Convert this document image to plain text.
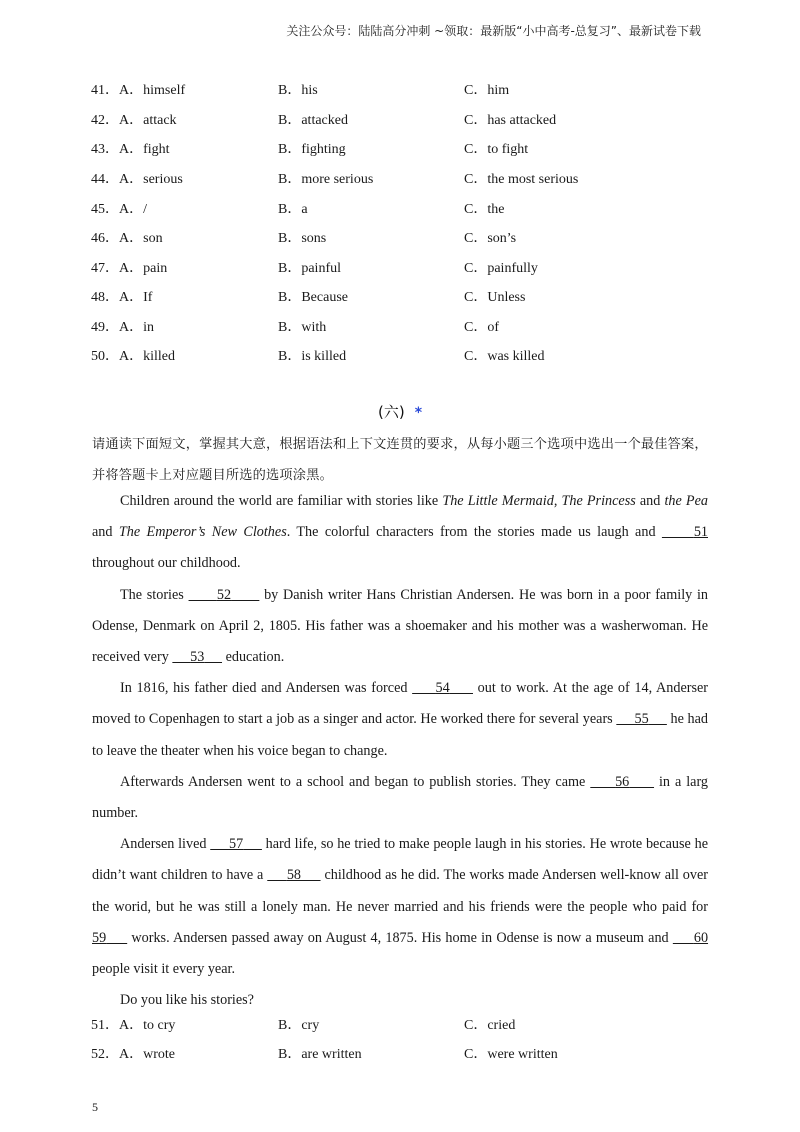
关注公众号：陆陆高分冲刺 ~领取：最新版“小中高考-总复习”、最新试卷下载
41．A．himself	B．his	C．him
42．A．attack	B．attacked	C．has attacked
43．A．fight	B．fighting	C．to fight
44．A．serious	B．more serious	C．the most serious
45．A．/	B．a	C．the
46．A．son	B．sons	C．son’s
47．A．pain	B．painful	C．painfully
48．A．If	B．Because	C．Unless
49．A．in	B．with	C．of
50．A．killed	B．is killed	C．was killed
(六) *
请通读下面短文，掌握其大意，根据语法和上下文连贯的要求，从每小题三个选项中选出一个最佳答案，并将答题卡上对应题目所选的选项涂黑。

Children around the world are familiar with stories like The Little Mermaid, The Princess and the Pea and The Emperor’s New Clothes. The colorful characters from the stories made us laugh and      51 throughout our childhood.

The stories       52       by Danish writer Hans Christian Andersen. He was born in a poor family in Odense, Denmark on April 2, 1805. His father was a shoemaker and his mother was a washerwoman. He received very      53      education.

In 1816, his father died and Andersen was forced      54      out to work. At the age of 14, Anderser moved to Copenhagen to start a job as a singer and actor. He worked there for several years      55      he had to leave the theater when his voice began to change.

Afterwards Andersen went to a school and began to publish stories. They came      56      in a larg number.

Andersen lived      57      hard life, so he tried to make people laugh in his stories. He wrote because he didn’t want children to have a      58      childhood as he did. The works made Andersen well-know all over the worid, but he was still a lonely man. He never married and his friends were the people who paid for 59      works. Andersen passed away on August 4, 1875. His home in Odense is now a museum and      60 people visit it every year.

Do you like his stories?

51．A．to cry	B．cry	C．cried
52．A．wrote	B．are written	C．were written
5
